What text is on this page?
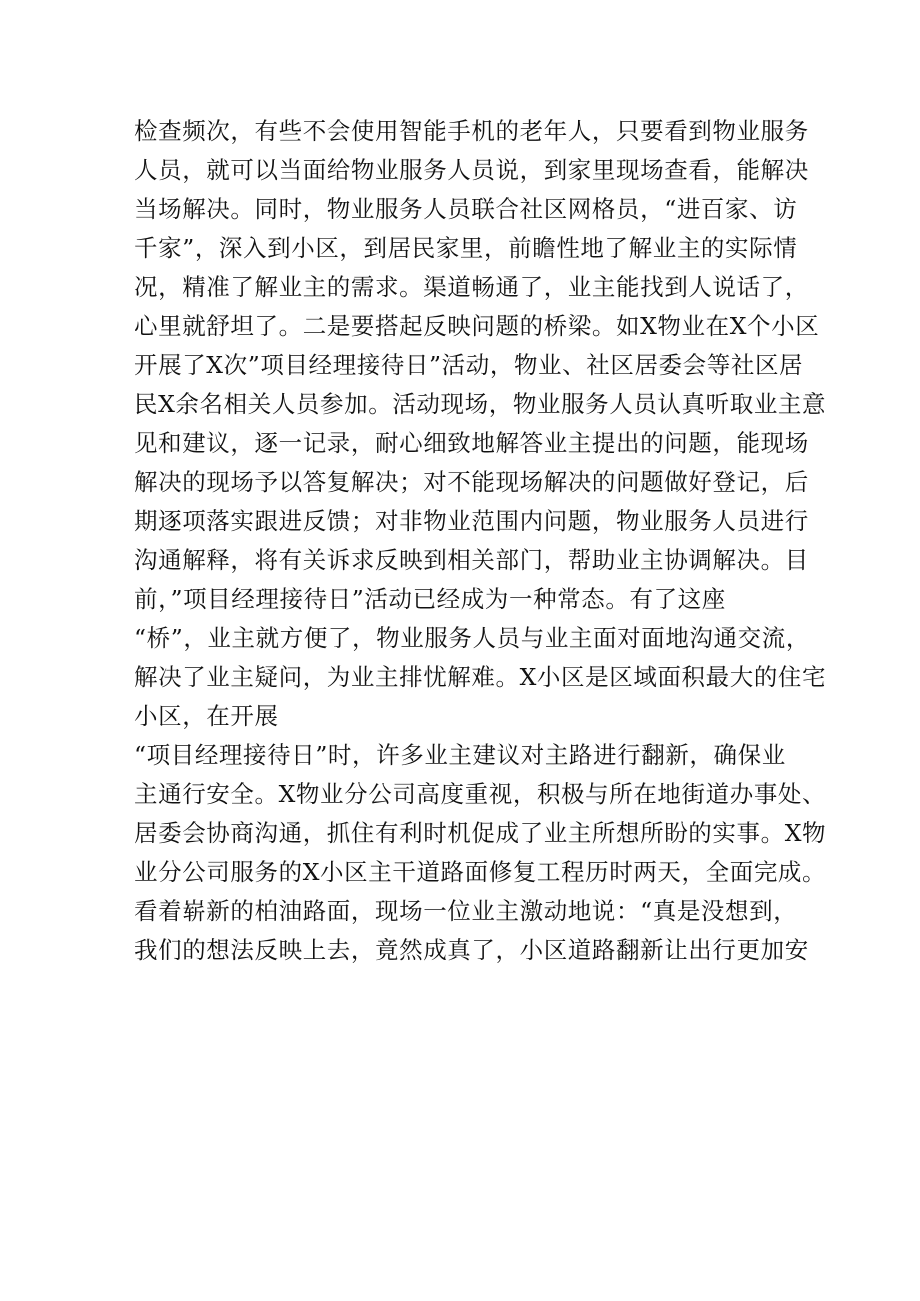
检查频次，有些不会使用智能手机的老年人，只要看到物业服务
人员，就可以当面给物业服务人员说，到家里现场查看，能解决
当场解决。同时，物业服务人员联合社区网格员，“进百家、访
千家”，深入到小区，到居民家里，前瞻性地了解业主的实际情
况，精准了解业主的需求。渠道畅通了，业主能找到人说话了，
心里就舒坦了。二是要搭起反映问题的桥梁。如X物业在X个小区
开展了X次”项目经理接待日”活动，物业、社区居委会等社区居
民X余名相关人员参加。活动现场，物业服务人员认真听取业主意
见和建议，逐一记录，耐心细致地解答业主提出的问题，能现场
解决的现场予以答复解决；对不能现场解决的问题做好登记，后
期逐项落实跟进反馈；对非物业范围内问题，物业服务人员进行
沟通解释，将有关诉求反映到相关部门，帮助业主协调解决。目
前，”项目经理接待日”活动已经成为一种常态。有了这座
“桥”，业主就方便了，物业服务人员与业主面对面地沟通交流，
解决了业主疑问，为业主排忧解难。X小区是区域面积最大的住宅
小区，在开展
“项目经理接待日”时，许多业主建议对主路进行翻新，确保业
主通行安全。X物业分公司高度重视，积极与所在地街道办事处、
居委会协商沟通，抓住有利时机促成了业主所想所盼的实事。X物
业分公司服务的X小区主干道路面修复工程历时两天，全面完成。
看着崭新的柏油路面，现场一位业主激动地说：“真是没想到，
我们的想法反映上去，竟然成真了，小区道路翻新让出行更加安
